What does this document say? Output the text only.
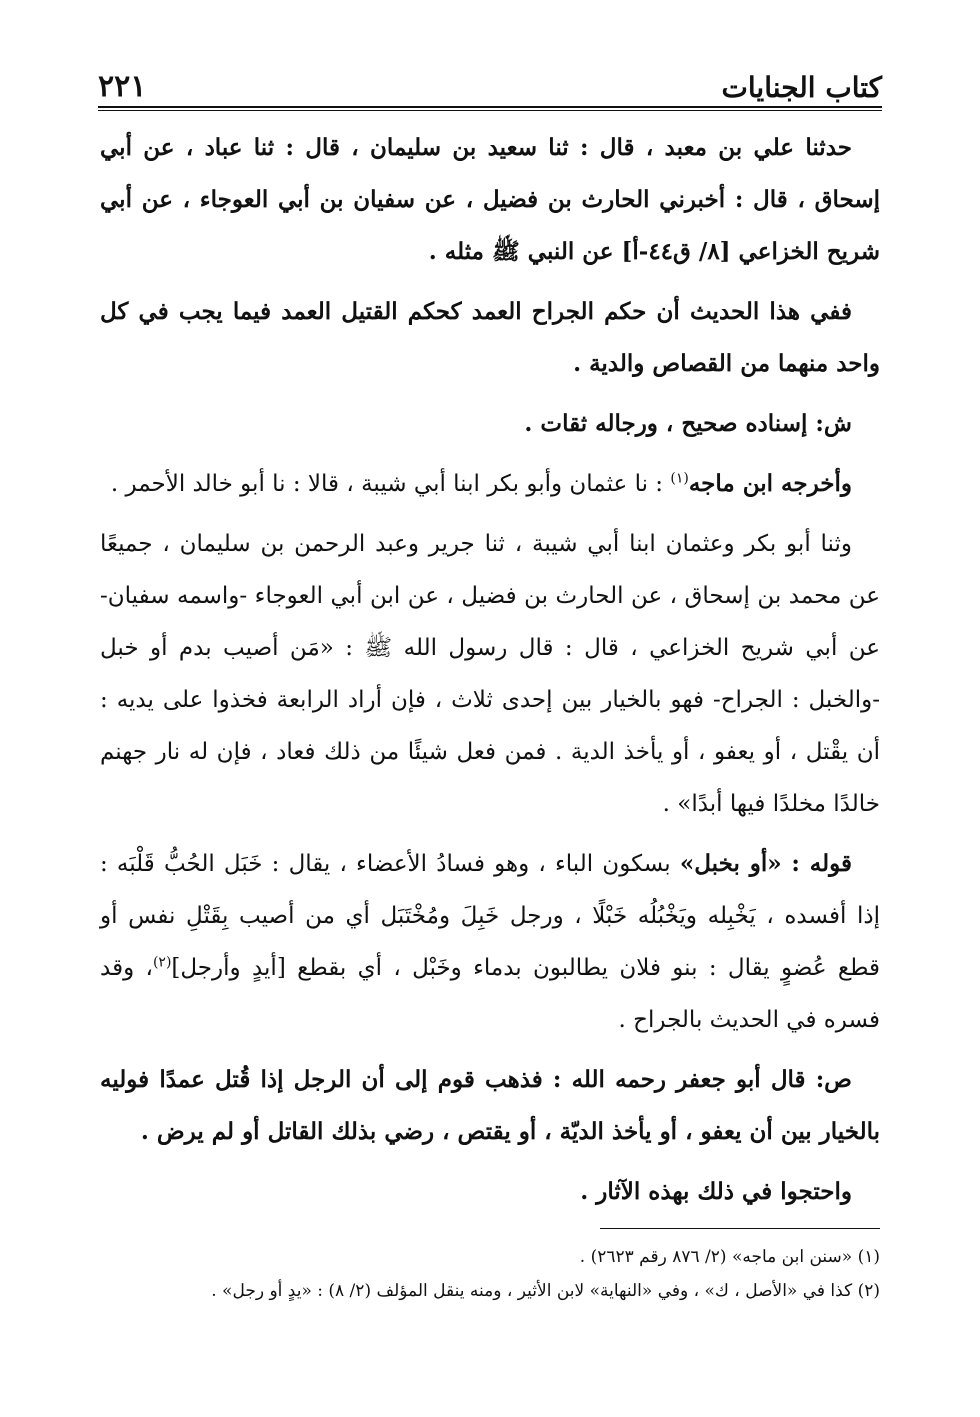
٢٢١	كتاب الجنايات

حدثنا علي بن معبد ، قال : ثنا سعيد بن سليمان ، قال : ثنا عباد ، عن أبي إسحاق ، قال : أخبرني الحارث بن فضيل ، عن سفيان بن أبي العوجاء ، عن أبي شريح الخزاعي [٨/ ق٤٤-أ] عن النبي ﷺ مثله .

ففي هذا الحديث أن حكم الجراح العمد كحكم القتيل العمد فيما يجب في كل واحد منهما من القصاص والدية .

ش: إسناده صحيح ، ورجاله ثقات .

وأخرجه ابن ماجه$^{(١)}$ : نا عثمان وأبو بكر ابنا أبي شيبة ، قالا : نا أبو خالد الأحمر .

وثنا أبو بكر وعثمان ابنا أبي شيبة ، ثنا جرير وعبد الرحمن بن سليمان ، جميعًا عن محمد بن إسحاق ، عن الحارث بن فضيل ، عن ابن أبي العوجاء -واسمه سفيان- عن أبي شريح الخزاعي ، قال : قال رسول الله ﷺ : «مَن أصيب بدم أو خبل -والخبل : الجراح- فهو بالخيار بين إحدى ثلاث ، فإن أراد الرابعة فخذوا على يديه : أن يقْتل ، أو يعفو ، أو يأخذ الدية . فمن فعل شيئًا من ذلك فعاد ، فإن له نار جهنم خالدًا مخلدًا فيها أبدًا» .

قوله : «أو بخبل» بسكون الباء ، وهو فسادُ الأعضاء ، يقال : خَبَل الحُبُّ قَلْبَه : إذا أفسده ، يَخْبِله ويَخْبُلُه خَبْلًا ، ورجل خَبِلَ ومُخْتَبَل أي من أصيب بِقَتْلِ نفس أو قطع عُضوٍ يقال : بنو فلان يطالبون بدماء وخَبْل ، أي بقطع [أيدٍ وأرجل]$^{(٢)}$، وقد فسره في الحديث بالجراح .

ص: قال أبو جعفر رحمه الله : فذهب قوم إلى أن الرجل إذا قُتل عمدًا فوليه بالخيار بين أن يعفو ، أو يأخذ الديّة ، أو يقتص ، رضي بذلك القاتل أو لم يرض .

واحتجوا في ذلك بهذه الآثار .

(١) «سنن ابن ماجه» (٢/ ٨٧٦ رقم ٢٦٢٣) .
(٢) كذا في «الأصل ، ك» ، وفي «النهاية» لابن الأثير ، ومنه ينقل المؤلف (٢/ ٨) : «يدٍ أو رجل» .
